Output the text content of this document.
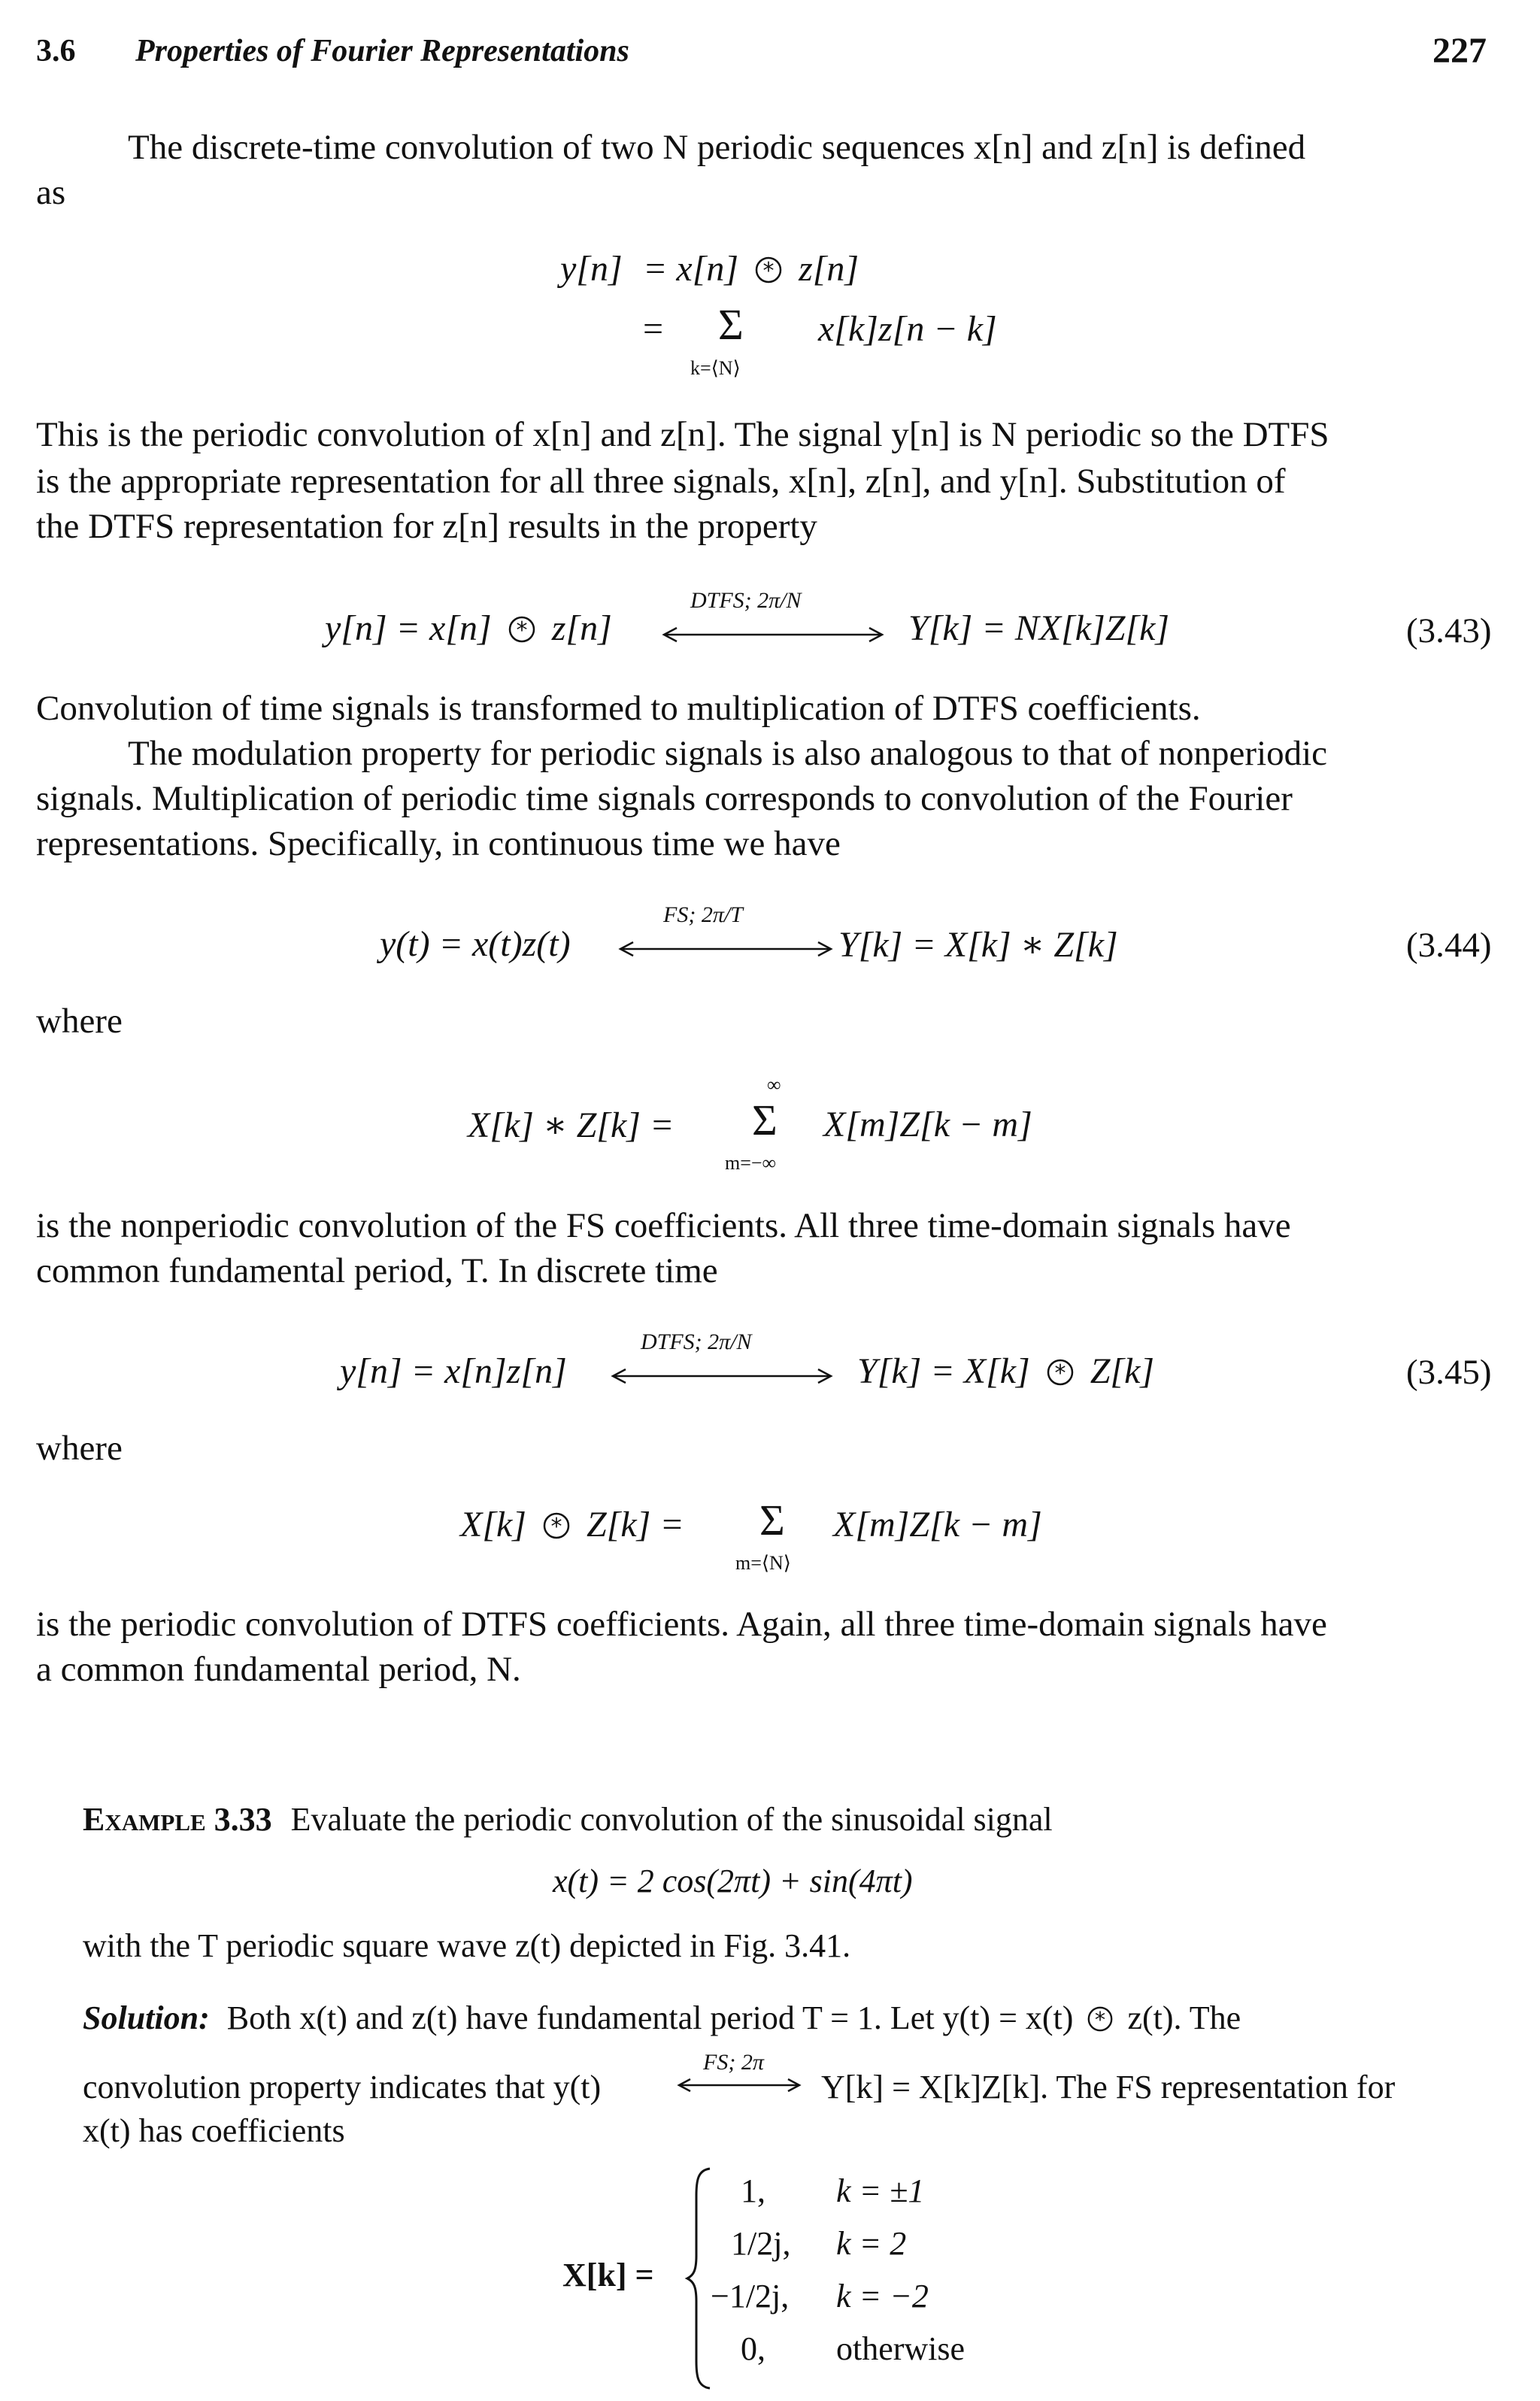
3.6 Properties of Fourier Representations	227
The discrete-time convolution of two N periodic sequences x[n] and z[n] is defined
as
y[n] = x[n] * z[n]
= Σ
k=⟨N⟩
x[k]z[n − k]
This is the periodic convolution of x[n] and z[n]. The signal y[n] is N periodic so the DTFS
is the appropriate representation for all three signals, x[n], z[n], and y[n]. Substitution of
the DTFS representation for z[n] results in the property
y[n] = x[n] * z[n]
DTFS; 2π/N
Y[k] = NX[k]Z[k]	(3.43)
Convolution of time signals is transformed to multiplication of DTFS coefficients.
The modulation property for periodic signals is also analogous to that of nonperiodic
signals. Multiplication of periodic time signals corresponds to convolution of the Fourier
representations. Specifically, in continuous time we have
y(t) = x(t)z(t)
FS; 2π/T
Y[k] = X[k] ∗ Z[k]	(3.44)
where
X[k] ∗ Z[k] =
∞
Σ
m=−∞
X[m]Z[k − m]
is the nonperiodic convolution of the FS coefficients. All three time-domain signals have
common fundamental period, T. In discrete time
y[n] = x[n]z[n]
DTFS; 2π/N
Y[k] = X[k] * Z[k]	(3.45)
where
X[k] * Z[k] = Σ
m=⟨N⟩
X[m]Z[k − m]
is the periodic convolution of DTFS coefficients. Again, all three time-domain signals have
a common fundamental period, N.
Example 3.33 Evaluate the periodic convolution of the sinusoidal signal
x(t) = 2 cos(2πt) + sin(4πt)
with the T periodic square wave z(t) depicted in Fig. 3.41.
Solution: Both x(t) and z(t) have fundamental period T = 1. Let y(t) = x(t) * z(t). The
convolution property indicates that y(t)
FS; 2π
Y[k] = X[k]Z[k]. The FS representation for
x(t) has coefficients
X[k] =
1, k = ±1
1/2j, k = 2
−1/2j, k = −2
0, otherwise
